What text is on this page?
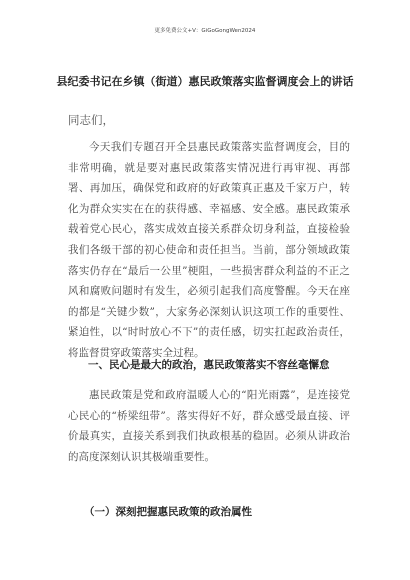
更多免费公文+V：GiGoGongWen2024
县纪委书记在乡镇（街道）惠民政策落实监督调度会上的讲话
同志们，

今天我们专题召开全县惠民政策落实监督调度会，目的非常明确，就是要对惠民政策落实情况进行再审视、再部署、再加压，确保党和政府的好政策真正惠及千家万户，转化为群众实实在在的获得感、幸福感、安全感。惠民政策承载着党心民心，落实成效直接关系群众切身利益，直接检验我们各级干部的初心使命和责任担当。当前，部分领域政策落实仍存在“最后一公里”梗阻，一些损害群众利益的不正之风和腐败问题时有发生，必须引起我们高度警醒。今天在座的都是“关键少数”，大家务必深刻认识这项工作的重要性、紧迫性，以“时时放心不下”的责任感，切实扛起政治责任，将监督贯穿政策落实全过程。

一、民心是最大的政治，惠民政策落实不容丝毫懈怠

惠民政策是党和政府温暖人心的“阳光雨露”，是连接党心民心的“桥梁纽带”。落实得好不好，群众感受最直接、评价最真实，直接关系到我们执政根基的稳固。必须从讲政治的高度深刻认识其极端重要性。

（一）深刻把握惠民政策的政治属性
